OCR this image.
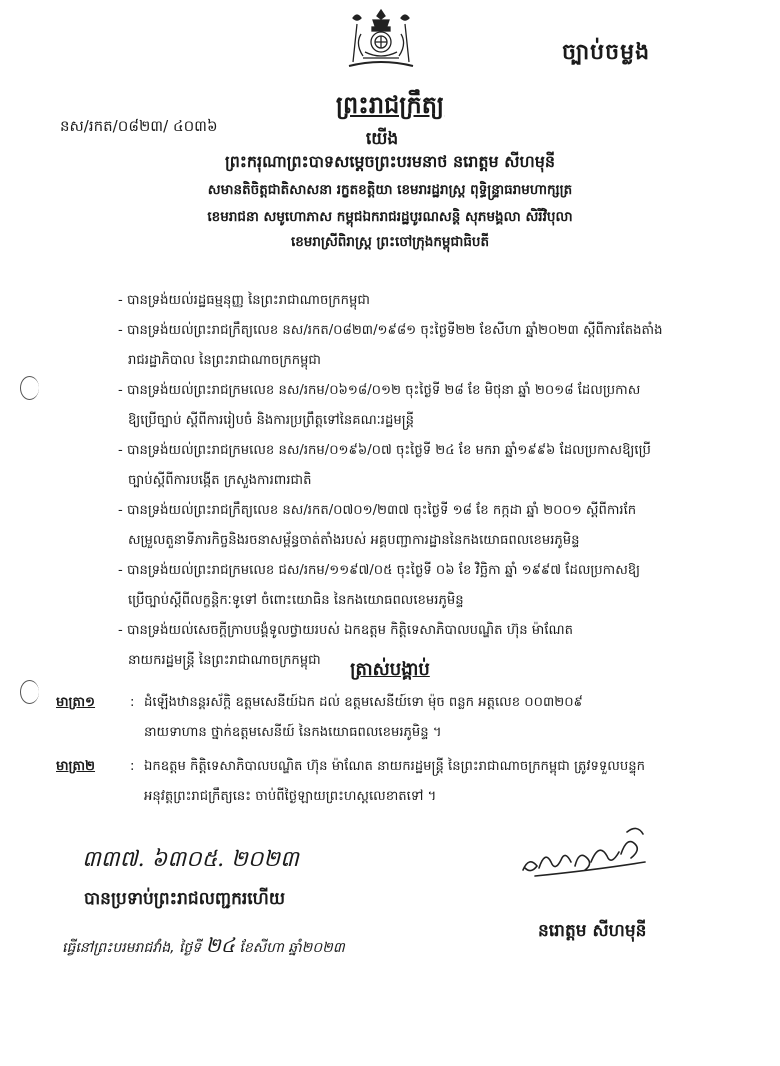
ច្បាប់ចម្លង
ព្រះរាជក្រឹត្យ
នស/រកត/០៨២៣/ ៤០៣៦
យើង
ព្រះករុណាព្រះបាទសម្តេចព្រះបរមនាថ នរោត្តម សីហមុនី
សមានតិចិត្តជាតិសាសនា រក្ខតខត្តិយា ខេមរារដ្ឋរាស្ត្រ ពុទ្ធិន្ទ្រាធរាមហាក្សត្រ
ខេមរាជនា សមូហោភាស កម្ពុជឯករាជរដ្ឋបូរណសន្តិ សុភមង្គលា សិរីវិបុលា
ខេមរាស្រីពិរាស្ត្រ ព្រះចៅក្រុងកម្ពុជាធិបតី
- បានទ្រង់យល់រដ្ឋធម្មនុញ្ញ នៃព្រះរាជាណាចក្រកម្ពុជា
- បានទ្រង់យល់ព្រះរាជក្រឹត្យលេខ នស/រកត/០៨២៣/១៩៨១ ចុះថ្ងៃទី២២ ខែសីហា ឆ្នាំ២០២៣ ស្តីពីការតែងតាំង
រាជរដ្ឋាភិបាល នៃព្រះរាជាណាចក្រកម្ពុជា
- បានទ្រង់យល់ព្រះរាជក្រមលេខ នស/រកម/០៦១៨/០១២ ចុះថ្ងៃទី ២៨ ខែ មិថុនា ឆ្នាំ ២០១៨ ដែលប្រកាស
ឱ្យប្រើច្បាប់ ស្តីពីការរៀបចំ និងការប្រព្រឹត្តទៅនៃគណៈរដ្ឋមន្ត្រី
- បានទ្រង់យល់ព្រះរាជក្រមលេខ នស/រកម/០១៩៦/០៧ ចុះថ្ងៃទី ២៤ ខែ មករា ឆ្នាំ១៩៩៦ ដែលប្រកាសឱ្យប្រើ
ច្បាប់ស្តីពីការបង្កើត ក្រសួងការពារជាតិ
- បានទ្រង់យល់ព្រះរាជក្រឹត្យលេខ នស/រកត/០៧០១/២៣៧ ចុះថ្ងៃទី ១៨ ខែ កក្កដា ឆ្នាំ ២០០១ ស្តីពីការកែ
សម្រួលតួនាទីភារកិច្ចនិងរចនាសម្ព័ន្ធចាត់តាំងរបស់ អគ្គបញ្ជាការដ្ឋាននៃកងយោធពលខេមរភូមិន្ទ
- បានទ្រង់យល់ព្រះរាជក្រមលេខ ជស/រកម/១១៩៧/០៥ ចុះថ្ងៃទី ០៦ ខែ វិច្ឆិកា ឆ្នាំ ១៩៩៧ ដែលប្រកាសឱ្យ
ប្រើច្បាប់ស្តីពីលក្ខន្តិកៈទូទៅ ចំពោះយោធិន នៃកងយោធពលខេមរភូមិន្ទ
- បានទ្រង់យល់សេចក្តីក្រាបបង្គំទូលថ្វាយរបស់ ឯកឧត្តម កិត្តិទេសាភិបាលបណ្ឌិត ហ៊ុន ម៉ាណែត
នាយករដ្ឋមន្ត្រី នៃព្រះរាជាណាចក្រកម្ពុជា	ត្រាស់បង្គាប់
មាត្រា១	: ដំឡើងឋានន្តរស័ក្តិ ឧត្តមសេនីយ៍ឯក ដល់ ឧត្តមសេនីយ៍ទោ ម៉ុច ពន្លក អត្តលេខ ០០៣២០៩
នាយទាហាន ថ្នាក់ឧត្តមសេនីយ៍ នៃកងយោធពលខេមរភូមិន្ទ ។
មាត្រា២	: ឯកឧត្តម កិត្តិទេសាភិបាលបណ្ឌិត ហ៊ុន ម៉ាណែត នាយករដ្ឋមន្ត្រី នៃព្រះរាជាណាចក្រកម្ពុជា ត្រូវទទួលបន្ទុក
អនុវត្តព្រះរាជក្រឹត្យនេះ ចាប់ពីថ្ងៃឡាយព្រះហស្តលេខាតទៅ ។
៣៣៧. ៦៣០៥. ២០២៣
បានប្រទាប់ព្រះរាជលញ្ជករហើយ
ធ្វើនៅព្រះបរមរាជវាំង, ថ្ងៃទី ២៤ ខែសីហា ឆ្នាំ២០២៣
នរោត្តម សីហមុនី
